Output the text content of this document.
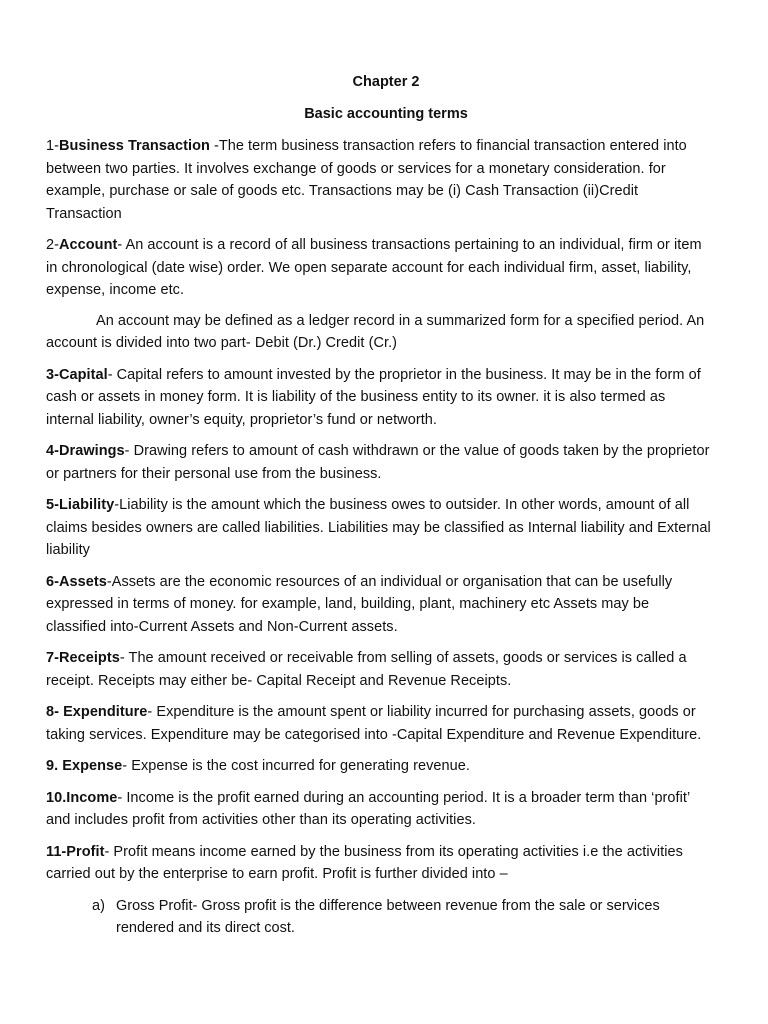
Chapter 2

Basic accounting terms

1-Business Transaction -The term business transaction refers to financial transaction entered into between two parties. It involves exchange of goods or services for a monetary consideration. for example, purchase or sale of goods etc. Transactions may be (i) Cash Transaction (ii)Credit Transaction

2-Account- An account is a record of all business transactions pertaining to an individual, firm or item in chronological (date wise) order. We open separate account for each individual firm, asset, liability, expense, income etc.

An account may be defined as a ledger record in a summarized form for a specified period. An account is divided into two part- Debit (Dr.) Credit (Cr.)

3-Capital- Capital refers to amount invested by the proprietor in the business. It may be in the form of cash or assets in money form. It is liability of the business entity to its owner. it is also termed as internal liability, owner’s equity, proprietor’s fund or networth.

4-Drawings- Drawing refers to amount of cash withdrawn or the value of goods taken by the proprietor or partners for their personal use from the business.

5-Liability-Liability is the amount which the business owes to outsider. In other words, amount of all claims besides owners are called liabilities. Liabilities may be classified as Internal liability and External liability

6-Assets-Assets are the economic resources of an individual or organisation that can be usefully expressed in terms of money. for example, land, building, plant, machinery etc Assets may be classified into-Current Assets and Non-Current assets.

7-Receipts- The amount received or receivable from selling of assets, goods or services is called a receipt. Receipts may either be- Capital Receipt and Revenue Receipts.

8- Expenditure- Expenditure is the amount spent or liability incurred for purchasing assets, goods or taking services. Expenditure may be categorised into -Capital Expenditure and Revenue Expenditure.

9. Expense- Expense is the cost incurred for generating revenue.

10.Income- Income is the profit earned during an accounting period. It is a broader term than ‘profit’ and includes profit from activities other than its operating activities.

11-Profit- Profit means income earned by the business from its operating activities i.e the activities carried out by the enterprise to earn profit. Profit is further divided into –

a) Gross Profit- Gross profit is the difference between revenue from the sale or services rendered and its direct cost.
